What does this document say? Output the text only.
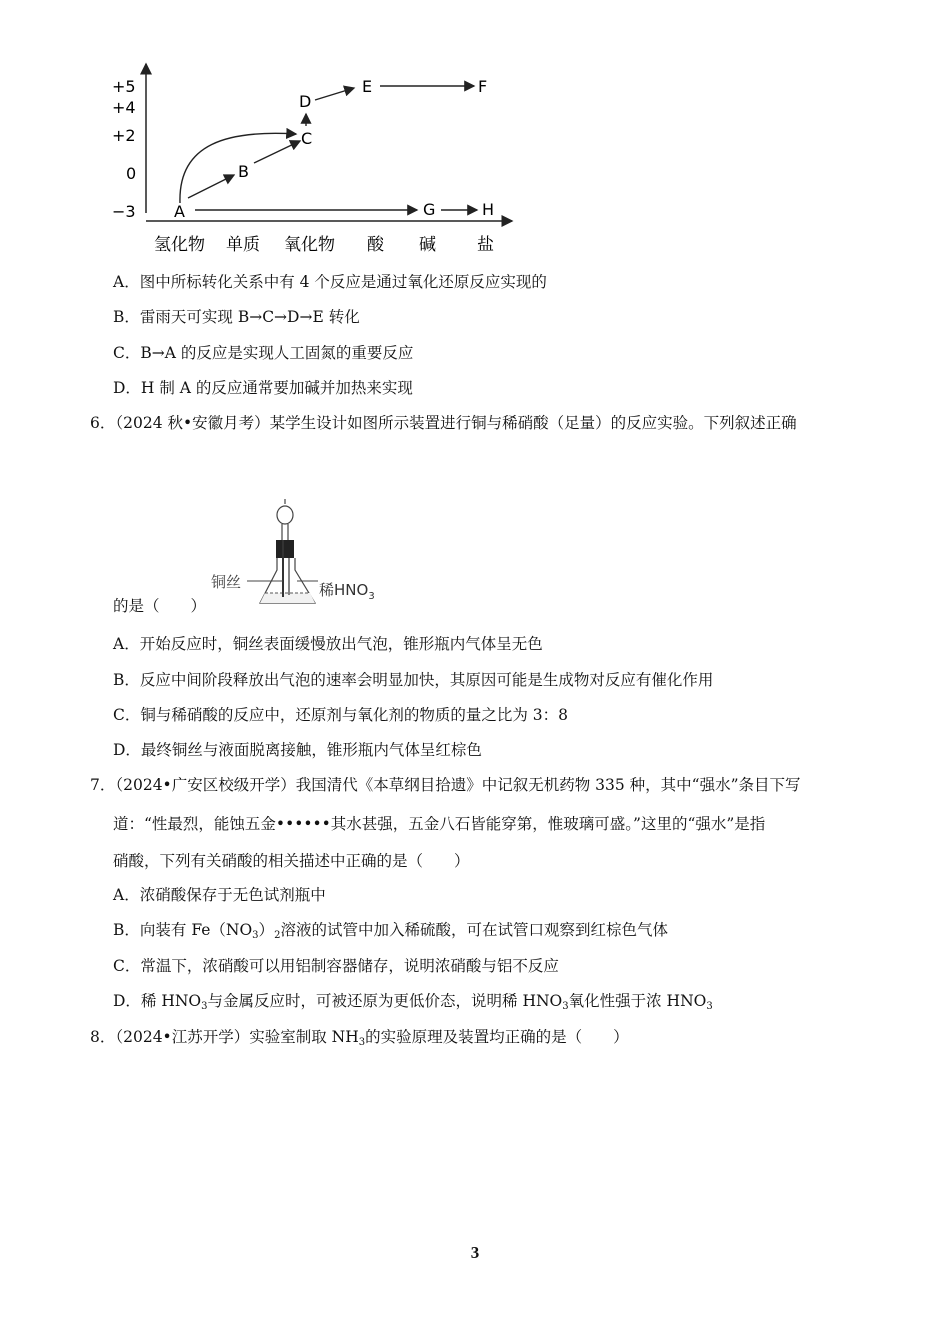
+5
+4
+2
0
−3
氢化物 单质 氧化物 酸 碱 盐
A
B
C
D
E	F
G	H
A．图中所标转化关系中有 4 个反应是通过氧化还原反应实现的
B．雷雨天可实现 B→C→D→E 转化
C．B→A 的反应是实现人工固氮的重要反应
D．H 制 A 的反应通常要加碱并加热来实现
6．（2024 秋•安徽月考）某学生设计如图所示装置进行铜与稀硝酸（足量）的反应实验。下列叙述正确
铜丝	稀$HNO_3$
的是（　　）
A．开始反应时，铜丝表面缓慢放出气泡，锥形瓶内气体呈无色
B．反应中间阶段释放出气泡的速率会明显加快，其原因可能是生成物对反应有催化作用
C．铜与稀硝酸的反应中，还原剂与氧化剂的物质的量之比为 3：8
D．最终铜丝与液面脱离接触，锥形瓶内气体呈红棕色
7．（2024•广安区校级开学）我国清代《本草纲目拾遗》中记叙无机药物 335 种，其中“强水”条目下写
道：“性最烈，能蚀五金••••••其水甚强，五金八石皆能穿第，惟玻璃可盛。”这里的“强水”是指
硝酸，下列有关硝酸的相关描述中正确的是（　　）
A．浓硝酸保存于无色试剂瓶中
B．向装有 $Fe(NO_3)_2$溶液的试管中加入稀硫酸，可在试管口观察到红棕色气体
C．常温下，浓硝酸可以用铝制容器储存，说明浓硝酸与铝不反应
D．稀 $HNO_3$与金属反应时，可被还原为更低价态，说明稀 $HNO_3$氧化性强于浓 $HNO_3$
8．（2024•江苏开学）实验室制取 $NH_3$的实验原理及装置均正确的是（　　）
3
